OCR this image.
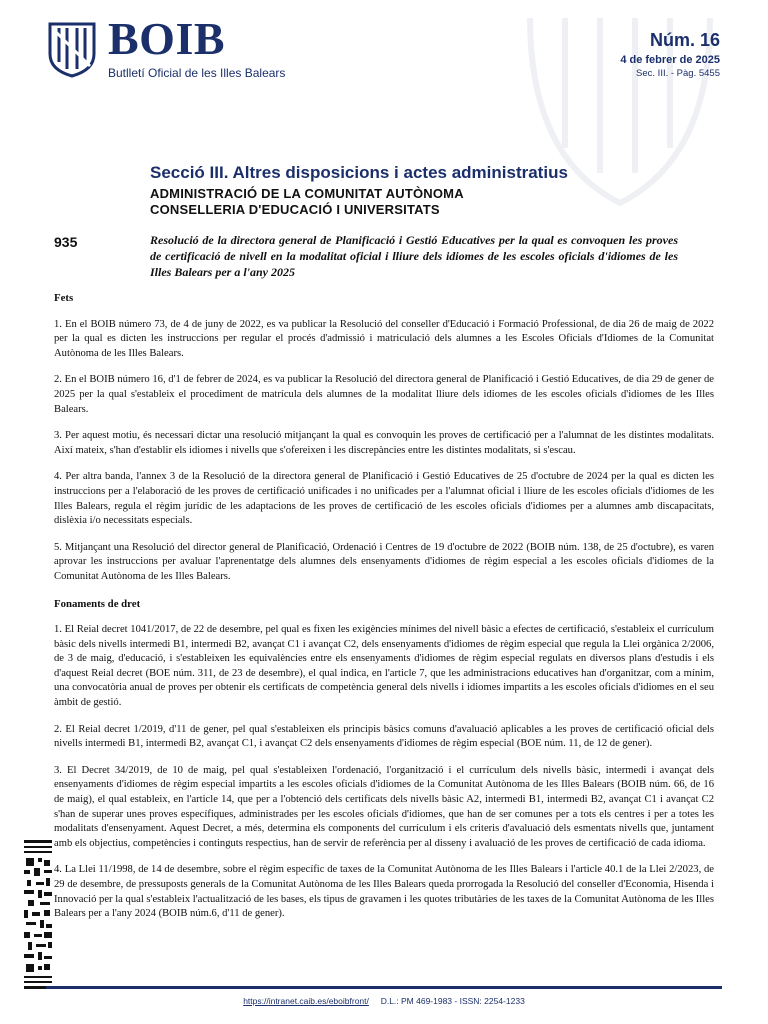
BOIB
Butlletí Oficial de les Illes Balears
Núm. 16
4 de febrer de 2025
Sec. III. - Pàg. 5455
Secció III. Altres disposicions i actes administratius
ADMINISTRACIÓ DE LA COMUNITAT AUTÒNOMA
CONSELLERIA D'EDUCACIÓ I UNIVERSITATS
935	Resolució de la directora general de Planificació i Gestió Educatives per la qual es convoquen les proves de certificació de nivell en la modalitat oficial i lliure dels idiomes de les escoles oficials d'idiomes de les Illes Balears per a l'any 2025
Fets

1. En el BOIB número 73, de 4 de juny de 2022, es va publicar la Resolució del conseller d'Educació i Formació Professional, de dia 26 de maig de 2022 per la qual es dicten les instruccions per regular el procés d'admissió i matriculació dels alumnes a les Escoles Oficials d'Idiomes de la Comunitat Autònoma de les Illes Balears.

2. En el BOIB número 16, d'1 de febrer de 2024, es va publicar la Resolució del directora general de Planificació i Gestió Educatives, de dia 29 de gener de 2025 per la qual s'estableix el procediment de matrícula dels alumnes de la modalitat lliure dels idiomes de les escoles oficials d'idiomes de les Illes Balears.

3. Per aquest motiu, és necessari dictar una resolució mitjançant la qual es convoquin les proves de certificació per a l'alumnat de les distintes modalitats. Així mateix, s'han d'establir els idiomes i nivells que s'ofereixen i les discrepàncies entre les distintes modalitats, si s'escau.

4. Per altra banda, l'annex 3 de la Resolució de la directora general de Planificació i Gestió Educatives de 25 d'octubre de 2024 per la qual es dicten les instruccions per a l'elaboració de les proves de certificació unificades i no unificades per a l'alumnat oficial i lliure de les escoles oficials d'idiomes de les Illes Balears, regula el règim jurídic de les adaptacions de les proves de certificació de les escoles oficials d'idiomes per a alumnes amb discapacitats, dislèxia i/o necessitats especials.

5. Mitjançant una Resolució del director general de Planificació, Ordenació i Centres de 19 d'octubre de 2022 (BOIB núm. 138, de 25 d'octubre), es varen aprovar les instruccions per avaluar l'aprenentatge dels alumnes dels ensenyaments d'idiomes de règim especial a les escoles oficials d'idiomes de la Comunitat Autònoma de les Illes Balears.

Fonaments de dret

1. El Reial decret 1041/2017, de 22 de desembre, pel qual es fixen les exigències mínimes del nivell bàsic a efectes de certificació, s'estableix el currículum bàsic dels nivells intermedi B1, intermedi B2, avançat C1 i avançat C2, dels ensenyaments d'idiomes de règim especial que regula la Llei orgànica 2/2006, de 3 de maig, d'educació, i s'estableixen les equivalències entre els ensenyaments d'idiomes de règim especial regulats en diversos plans d'estudis i els d'aquest Reial decret (BOE núm. 311, de 23 de desembre), el qual indica, en l'article 7, que les administracions educatives han d'organitzar, com a mínim, una convocatòria anual de proves per obtenir els certificats de competència general dels nivells i idiomes impartits a les escoles oficials d'idiomes en el seu àmbit de gestió.

2. El Reial decret 1/2019, d'11 de gener, pel qual s'estableixen els principis bàsics comuns d'avaluació aplicables a les proves de certificació oficial dels nivells intermedi B1, intermedi B2, avançat C1, i avançat C2 dels ensenyaments d'idiomes de règim especial (BOE núm. 11, de 12 de gener).

3. El Decret 34/2019, de 10 de maig, pel qual s'estableixen l'ordenació, l'organització i el currículum dels nivells bàsic, intermedi i avançat dels ensenyaments d'idiomes de règim especial impartits a les escoles oficials d'idiomes de la Comunitat Autònoma de les Illes Balears (BOIB núm. 66, de 16 de maig), el qual estableix, en l'article 14, que per a l'obtenció dels certificats dels nivells bàsic A2, intermedi B1, intermedi B2, avançat C1 i avançat C2 s'han de superar unes proves específiques, administrades per les escoles oficials d'idiomes, que han de ser comunes per a tots els centres i per a totes les modalitats d'ensenyament. Aquest Decret, a més, determina els components del currículum i els criteris d'avaluació dels esmentats nivells que, juntament amb els objectius, competències i continguts respectius, han de servir de referència per al disseny i avaluació de les proves de certificació de cada idioma.

4. La Llei 11/1998, de 14 de desembre, sobre el règim específic de taxes de la Comunitat Autònoma de les Illes Balears i l'article 40.1 de la Llei 2/2023, de 29 de desembre, de pressuposts generals de la Comunitat Autònoma de les Illes Balears queda prorrogada la Resolució del conseller d'Economia, Hisenda i Innovació per la qual s'estableix l'actualització de les bases, els tipus de gravamen i les quotes tributàries de les taxes de la Comunitat Autònoma de les Illes Balears per a l'any 2024 (BOIB núm.6, d'11 de gener).

https://intranet.caib.es/eboibfront/ D.L.: PM 469-1983 - ISSN: 2254-1233
